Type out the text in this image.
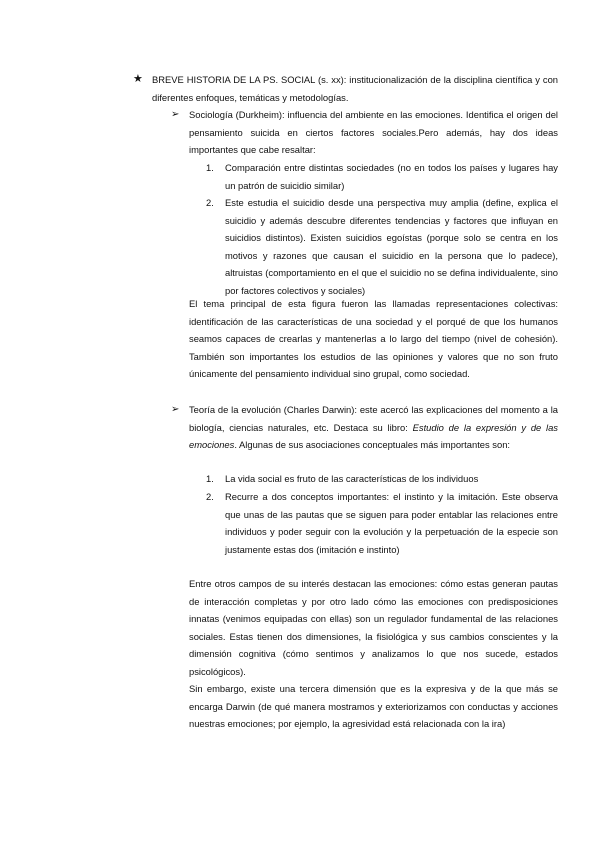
★ BREVE HISTORIA DE LA PS. SOCIAL (s. xx): institucionalización de la disciplina científica y con diferentes enfoques, temáticas y metodologías.

➢ Sociología (Durkheim): influencia del ambiente en las emociones. Identifica el origen del pensamiento suicida en ciertos factores sociales.Pero además, hay dos ideas importantes que cabe resaltar:

1.	Comparación entre distintas sociedades (no en todos los países y lugares hay un patrón de suicidio similar)

2.	Este estudia el suicidio desde una perspectiva muy amplia (define, explica el suicidio y además descubre diferentes tendencias y factores que influyan en suicidios distintos). Existen suicidios egoístas (porque solo se centra en los motivos y razones que causan el suicidio en la persona que lo padece), altruistas (comportamiento en el que el suicidio no se defina individualente, sino por factores colectivos y sociales)

El tema principal de esta figura fueron las llamadas representaciones colectivas: identificación de las características de una sociedad y el porqué de que los humanos seamos capaces de crearlas y mantenerlas a lo largo del tiempo (nivel de cohesión). También son importantes los estudios de las opiniones y valores que no son fruto únicamente del pensamiento individual sino grupal, como sociedad.

➢ Teoría de la evolución (Charles Darwin): este acercó las explicaciones del momento a la biología, ciencias naturales, etc. Destaca su libro: Estudio de la expresión y de las emociones. Algunas de sus asociaciones conceptuales más importantes son:

1.	La vida social es fruto de las características de los individuos

2.	Recurre a dos conceptos importantes: el instinto y la imitación. Este observa que unas de las pautas que se siguen para poder entablar las relaciones entre individuos y poder seguir con la evolución y la perpetuación de la especie son justamente estas dos (imitación e instinto)

Entre otros campos de su interés destacan las emociones: cómo estas generan pautas de interacción completas y por otro lado cómo las emociones con predisposiciones innatas (venimos equipadas con ellas) son un regulador fundamental de las relaciones sociales. Estas tienen dos dimensiones, la fisiológica y sus cambios conscientes y la dimensión cognitiva (cómo sentimos y analizamos lo que nos sucede, estados psicológicos).

Sin embargo, existe una tercera dimensión que es la expresiva y de la que más se encarga Darwin (de qué manera mostramos y exteriorizamos con conductas y acciones nuestras emociones; por ejemplo, la agresividad está relacionada con la ira)
